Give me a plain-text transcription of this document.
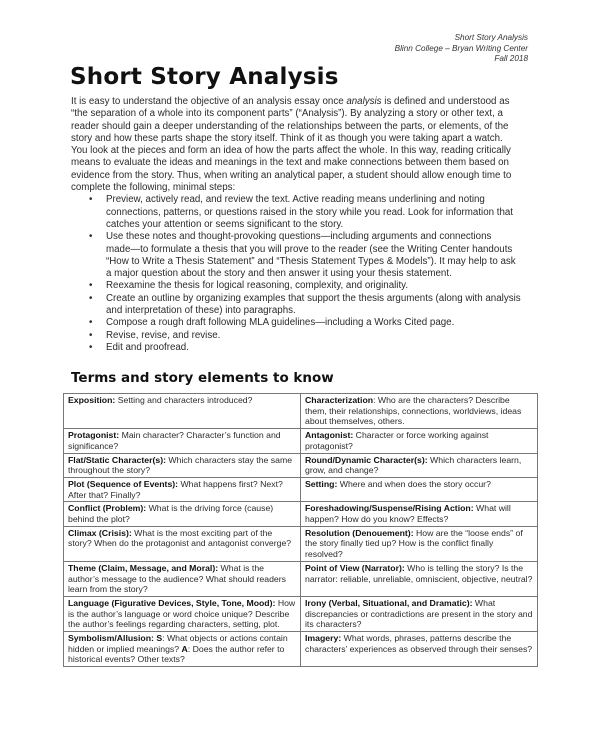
Short Story Analysis
Blinn College – Bryan Writing Center
Fall 2018
Short Story Analysis
It is easy to understand the objective of an analysis essay once analysis is defined and understood as
“the separation of a whole into its component parts” (“Analysis”). By analyzing a story or other text, a
reader should gain a deeper understanding of the relationships between the parts, or elements, of the
story and how these parts shape the story itself. Think of it as though you were taking apart a watch.
You look at the pieces and form an idea of how the parts affect the whole. In this way, reading critically
means to evaluate the ideas and meanings in the text and make connections between them based on
evidence from the story. Thus, when writing an analytical paper, a student should allow enough time to
complete the following, minimal steps:
• Preview, actively read, and review the text. Active reading means underlining and noting
connections, patterns, or questions raised in the story while you read. Look for information that
catches your attention or seems significant to the story.
• Use these notes and thought-provoking questions—including arguments and connections
made—to formulate a thesis that you will prove to the reader (see the Writing Center handouts
“How to Write a Thesis Statement” and “Thesis Statement Types & Models”). It may help to ask
a major question about the story and then answer it using your thesis statement.
• Reexamine the thesis for logical reasoning, complexity, and originality.
• Create an outline by organizing examples that support the thesis arguments (along with analysis
and interpretation of these) into paragraphs.
• Compose a rough draft following MLA guidelines—including a Works Cited page.
• Revise, revise, and revise.
• Edit and proofread.
Terms and story elements to know
Exposition: Setting and characters introduced?	Characterization: Who are the characters? Describe them, their relationships, connections, worldviews, ideas about themselves, others.
Protagonist: Main character? Character’s function and significance?	Antagonist: Character or force working against protagonist?
Flat/Static Character(s): Which characters stay the same throughout the story?	Round/Dynamic Character(s): Which characters learn, grow, and change?
Plot (Sequence of Events): What happens first? Next? After that? Finally?	Setting: Where and when does the story occur?
Conflict (Problem): What is the driving force (cause) behind the plot?	Foreshadowing/Suspense/Rising Action: What will happen? How do you know? Effects?
Climax (Crisis): What is the most exciting part of the story? When do the protagonist and antagonist converge?	Resolution (Denouement): How are the “loose ends” of the story finally tied up? How is the conflict finally resolved?
Theme (Claim, Message, and Moral): What is the author’s message to the audience? What should readers learn from the story?	Point of View (Narrator): Who is telling the story? Is the narrator: reliable, unreliable, omniscient, objective, neutral?
Language (Figurative Devices, Style, Tone, Mood): How is the author’s language or word choice unique? Describe the author’s feelings regarding characters, setting, plot.	Irony (Verbal, Situational, and Dramatic): What discrepancies or contradictions are present in the story and its characters?
Symbolism/Allusion: S: What objects or actions contain hidden or implied meanings? A: Does the author refer to historical events? Other texts?	Imagery: What words, phrases, patterns describe the characters’ experiences as observed through their senses?
